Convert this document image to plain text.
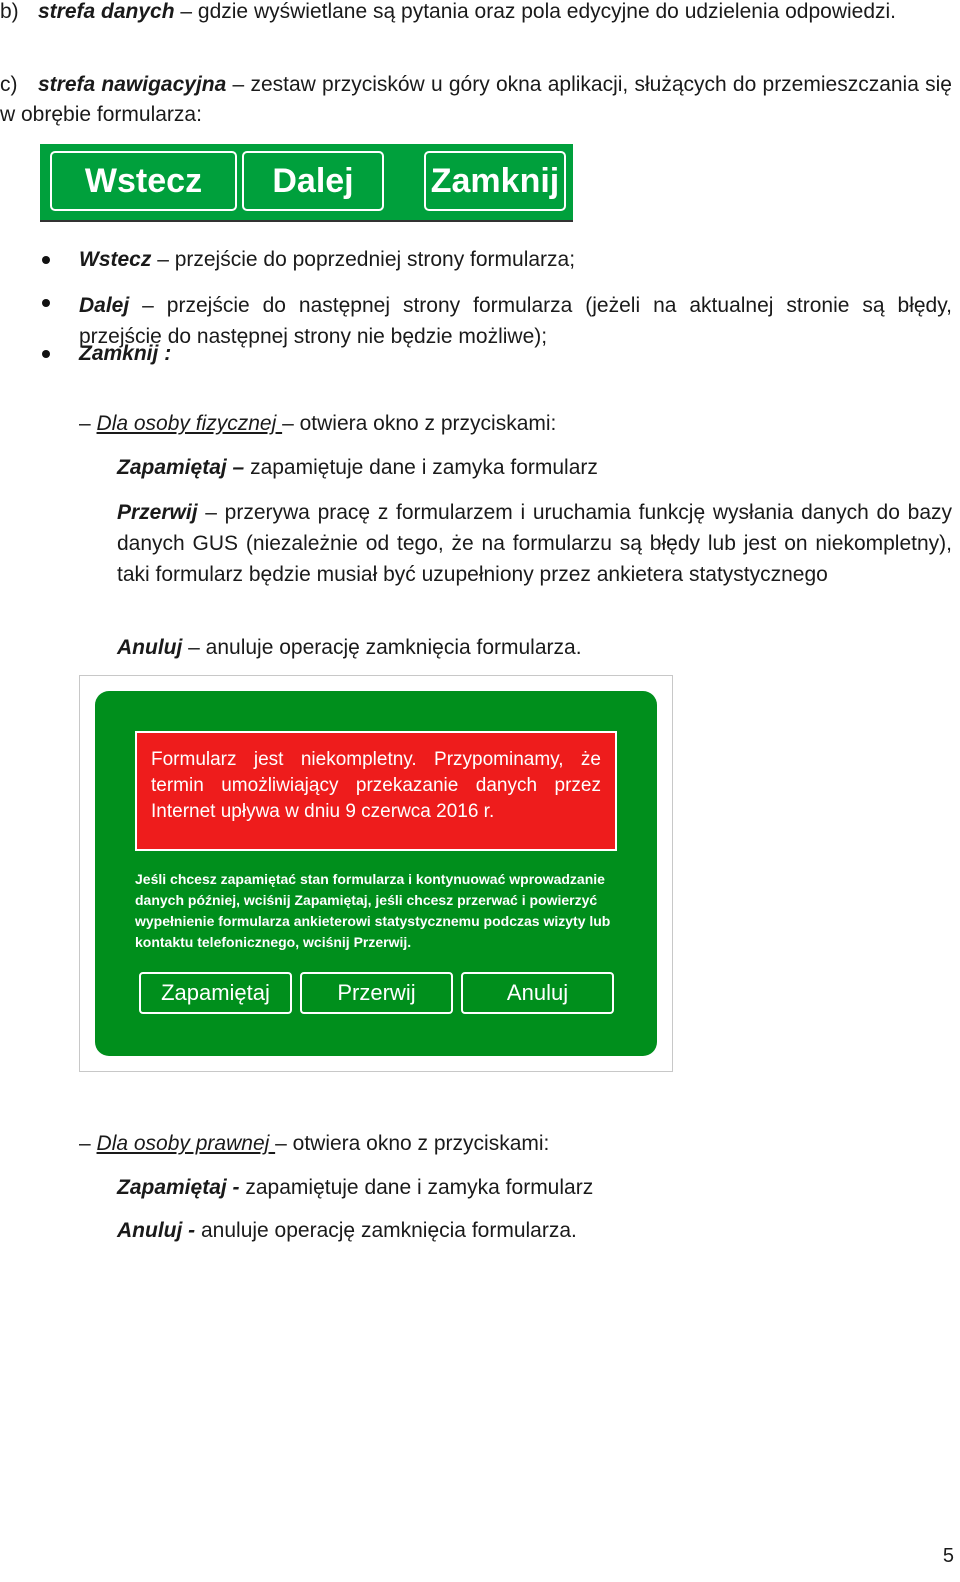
b) strefa danych – gdzie wyświetlane są pytania oraz pola edycyjne do udzielenia odpowiedzi.
c) strefa nawigacyjna – zestaw przycisków u góry okna aplikacji, służących do przemieszczania się w obrębie formularza:
Wstecz	Dalej	Zamknij
Wstecz – przejście do poprzedniej strony formularza;
Dalej – przejście do następnej strony formularza (jeżeli na aktualnej stronie są błędy, przejście do następnej strony nie będzie możliwe);
Zamknij :
– Dla osoby fizycznej – otwiera okno z przyciskami:
Zapamiętaj – zapamiętuje dane i zamyka formularz
Przerwij – przerywa pracę z formularzem i uruchamia funkcję wysłania danych do bazy danych GUS (niezależnie od tego, że na formularzu są błędy lub jest on niekompletny), taki formularz będzie musiał być uzupełniony przez ankietera statystycznego
Anuluj – anuluje operację zamknięcia formularza.
Formularz jest niekompletny. Przypominamy, że termin umożliwiający przekazanie danych przez Internet upływa w dniu 9 czerwca 2016 r.
Jeśli chcesz zapamiętać stan formularza i kontynuować wprowadzanie danych później, wciśnij Zapamiętaj, jeśli chcesz przerwać i powierzyć wypełnienie formularza ankieterowi statystycznemu podczas wizyty lub kontaktu telefonicznego, wciśnij Przerwij.
Zapamiętaj	Przerwij	Anuluj
– Dla osoby prawnej – otwiera okno z przyciskami:
Zapamiętaj - zapamiętuje dane i zamyka formularz
Anuluj - anuluje operację zamknięcia formularza.
5
